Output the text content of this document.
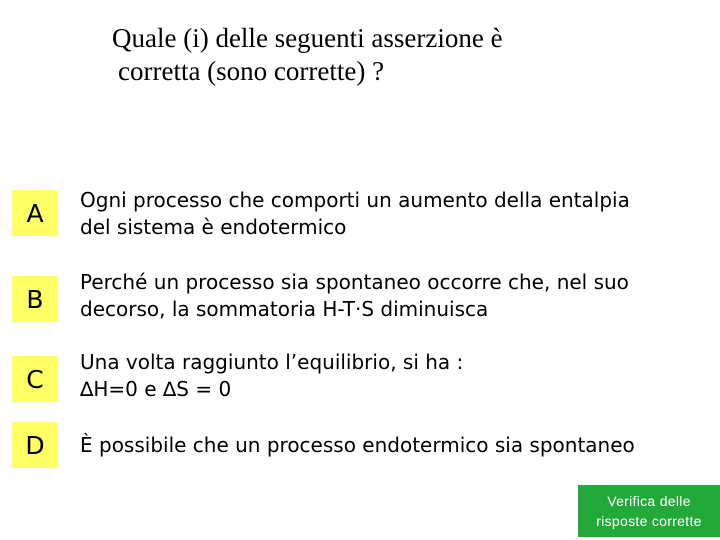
Quale (i) delle seguenti asserzione è
corretta (sono corrette) ?
A	Ogni processo che comporti un aumento della entalpia
del sistema è endotermico
B
Perché un processo sia spontaneo occorre che, nel suo
decorso, la sommatoria H-T·S diminuisca
C
Una volta raggiunto l’equilibrio, si ha :
∆H=0 e ∆S = 0
D	È possibile che un processo endotermico sia spontaneo
Verifica delle
risposte corrette
